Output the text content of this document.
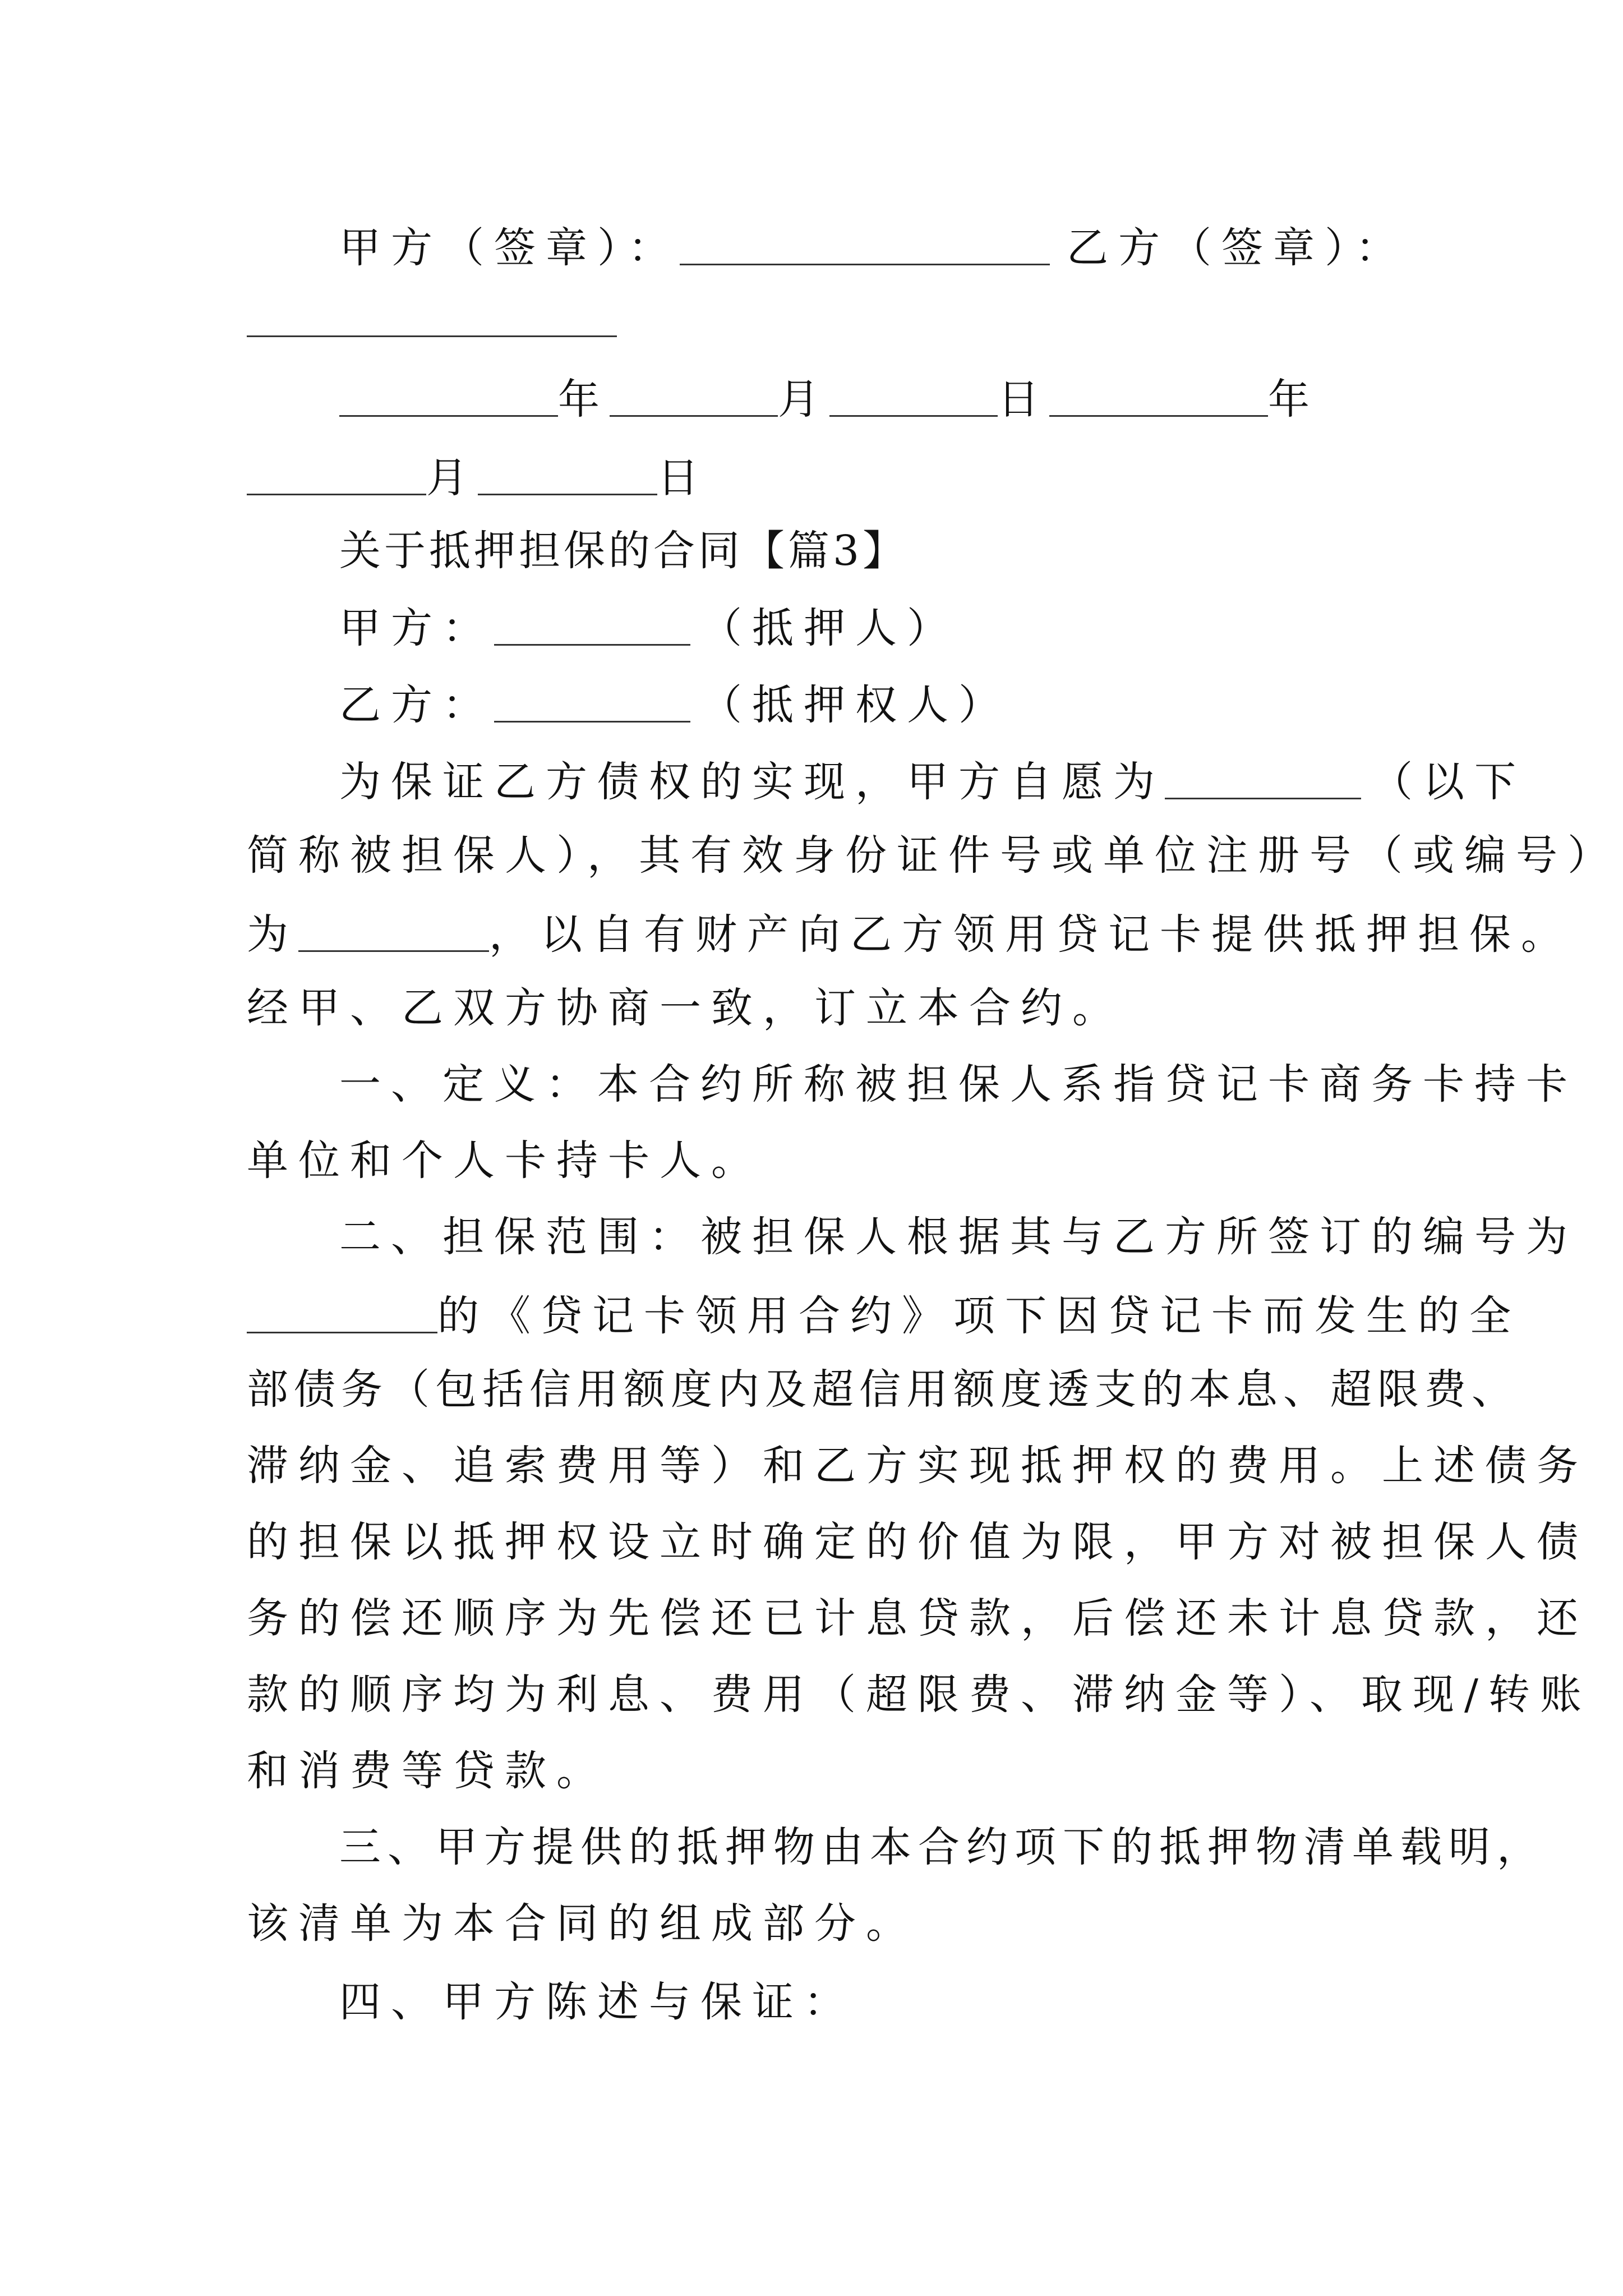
甲方（签章）：	乙方（签章）：
年	月	日	年
月	日
关于抵押担保的合同【篇3】
甲方：	（抵押人）
乙方：	（抵押权人）
为保证乙方债权的实现，甲方自愿为	（以下
简称被担保人），其有效身份证件号或单位注册号（或编号）
为	，以自有财产向乙方领用贷记卡提供抵押担保。
经甲、乙双方协商一致，订立本合约。
一、定义：本合约所称被担保人系指贷记卡商务卡持卡
单位和个人卡持卡人。
二、担保范围：被担保人根据其与乙方所签订的编号为
的《贷记卡领用合约》项下因贷记卡而发生的全
部债务（包括信用额度内及超信用额度透支的本息、超限费、
滞纳金、追索费用等）和乙方实现抵押权的费用。上述债务
的担保以抵押权设立时确定的价值为限，甲方对被担保人债
务的偿还顺序为先偿还已计息贷款，后偿还未计息贷款，还
款的顺序均为利息、费用（超限费、滞纳金等）、取现/转账
和消费等贷款。
三、甲方提供的抵押物由本合约项下的抵押物清单载明，
该清单为本合同的组成部分。
四、甲方陈述与保证：
